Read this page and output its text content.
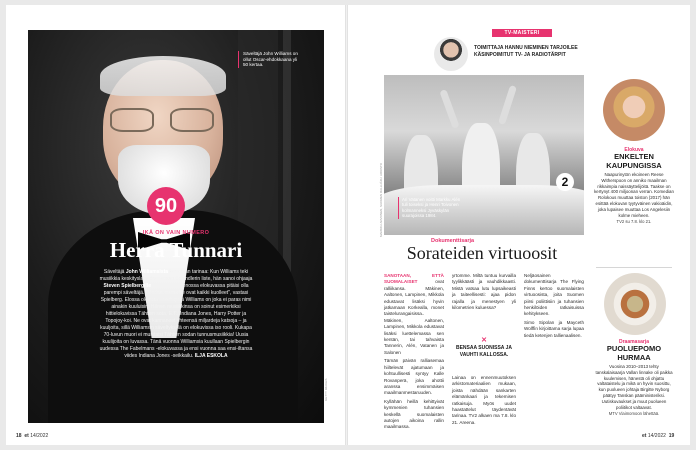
Säveltäjä John Williams on ollut Oscar-ehdokkaana yli 50 kertaa.
GETTY IMAGES
90
IKÄ ON VAIN NUMERO
Herra Tunnari
Säveltäjä John Williamsista kerrotaan tarinaa: Kun Williams teki musiikkia keskityslaireidraa-maan Schindlerin liste, hän sanoi ohjaaja Steven Spielbergille, että tämän hienossa elokuvassa pitäisi olla parempi säveltäjä. "Tiedän, mutta he ovat kaikki kuolleet", vastasi Spielberg. Elossa olevista säveltäjistä Williams on joka ei paras nimi ainakin kuuluisin. Hänen musiikkinsa on soinut esimerkiksi hittielokuvissa Tähtien sota, E.T., Indiana Jones, Harry Potter ja Topojoy-koi. Ne ovat kannaneet yhteensä miljardeja katsoja – ja kuuljoita, sillä Williamsin säveltyksillä on elokuvissa iso rooli. Kukapa 70-luvun muori ei muistaisi Tähtien sodan tunnusmusiikkia! Uusia kuulijoita on luvassa. Tänä vuonna Williamsia kuullaan Spielbergin uudessa The Fabelmans -elokuvassa ja ensi vuonna saa ensi-iltansa viides Indiana Jones -seikkailu. ILJA ESKOLA
18 et 14/2022
TV-MAISTERI
TOIMITTAJA HANNU NIEMINEN TARJOILEE KÄSINPOIMITUT TV- JA RADIOTÄRPIT
2
Ari Vatanen voitti Markku Alén tuli toiseksi ja Henri Toivonen kolmanneksi Jyväskylän suurajoissa 1984.
MARKKU ARVONEN, SUOMEN RALLIJÄRJ. ARKISTO
Dokumenttisarja
Sorateiden virtuoosit

SANOTAAN, ETTÄ SUOMALAISET ovat ralliikansa. Mäkinen, Aaltonen, Lampinen, Mikkola edustavat lisäksi hyvin jatkamaan Korkealla, monet taistelurangaisissa.. Mäkinen, Aaltonen, Lampinen, Mikkola edustavat lisäksi luettelemassa sen kentän, tai tahvaista Tannerin, Alén, Vatanen ja Salonen

Tämän päivän ralliasemaa hiiltelevät ajatumaan ja kohtuullisesti syntyy Kalle Rovanperä, joka ahottii aranssa ensimmäisen maailmanmestaruuden.

Kyllähän heillä kehittyivät kymmenien tuhansien keskellä suomalaisten autojen aikoina rallin maailmassa.

yrtomme. Miltä tuntuu kurvailla tyylikkäästi ja vauhdikkaasti. Mistä vatsaa lutu lupsaikeasti ja taiteellisesti: ajaa pidon rajalla ja menestyen yli kilometrien kuluessa?
✕
BENSAA SUONISSA JA VAUHTI KALLOSSA.
Lainaa on ennenmuutoksen arkistomateriaalien mukaan, joista nähdään sankarten elämänkaari ja tekemisen ratkaisuja. Myös uudet haastattelut täydentävät tarinaa. TV2 alkaen ma 7.8. klo 21. Areena.

Neljäosainen dokumenttisarja The Flying Finns kertoo suomalaisten virtuoosista, joita Suomen piirsi poliittisiin ja tuhansien henkilöiden ratkaisuissa kehitykseen.

Simo Sipolan ja Mayceth Wolffin kirjoittama sarja lupaa tiedä ketenjen tallienaalisen.

Elokuva
ENKELTEN KAUPUNGISSA
Naapurinytön ekoineen Reese Witherspoon on anniko maailman rikkaimpia naissäyttelijöitä. Taakse on kertynyt 400 miljoonan verran. Komedian Rolokous muuttaa toiston (2017) hän esittää elokuvan tyytyväinen vakioäidin, joka lupaisee muuttaa Los Angelesiin kolme mieheen.
TV2 su 7.8. klo 21.
Draamasarja
PUOLUEPOMO HURMAA
Vuosina 2010–2013 tehty tanskalaisaarja Vallan linnake oli paikka kuulemisen, hänestä oli ohjattu valtataistelu ja mikä on hyvin suosittu, kun puolueen johtaja Birgitte Nyborg päätyy Tanskan pääministeriksi. Uutiskuvaukset ja muut puolueen poliitikot valtaavat.
MTV Viaimomoon lähettää.
et 14/2022 19
